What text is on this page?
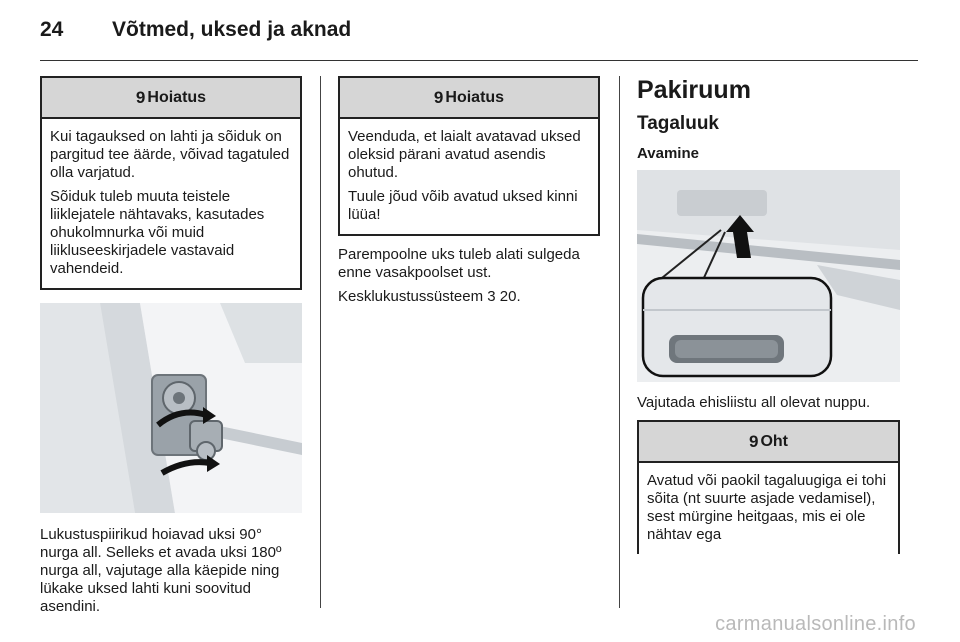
24	Võtmed, uksed ja aknad
9 Hoiatus

Kui tagauksed on lahti ja sõiduk on pargitud tee äärde, võivad tagatuled olla varjatud.

Sõiduk tuleb muuta teistele liiklejatele nähtavaks, kasutades ohukolmnurka või muid liikluseeskirjadele vastavaid vahendeid.

Lukustuspiirikud hoiavad uksi 90° nurga all. Selleks et avada uksi 180º nurga all, vajutage alla käepide ning lükake uksed lahti kuni soovitud asendini.

9 Hoiatus

Veenduda, et laialt avatavad uksed oleksid pärani avatud asendis ohutud.

Tuule jõud võib avatud uksed kinni lüüa!

Parempoolne uks tuleb alati sulgeda enne vasakpoolset ust.

Kesklukustussüsteem 3 20.

Pakiruum
Tagaluuk
Avamine

Vajutada ehisliistu all olevat nuppu.

9 Oht

Avatud või paokil tagaluugiga ei tohi sõita (nt suurte asjade vedamisel), sest mürgine heitgaas, mis ei ole nähtav ega

carmanualsonline.info
